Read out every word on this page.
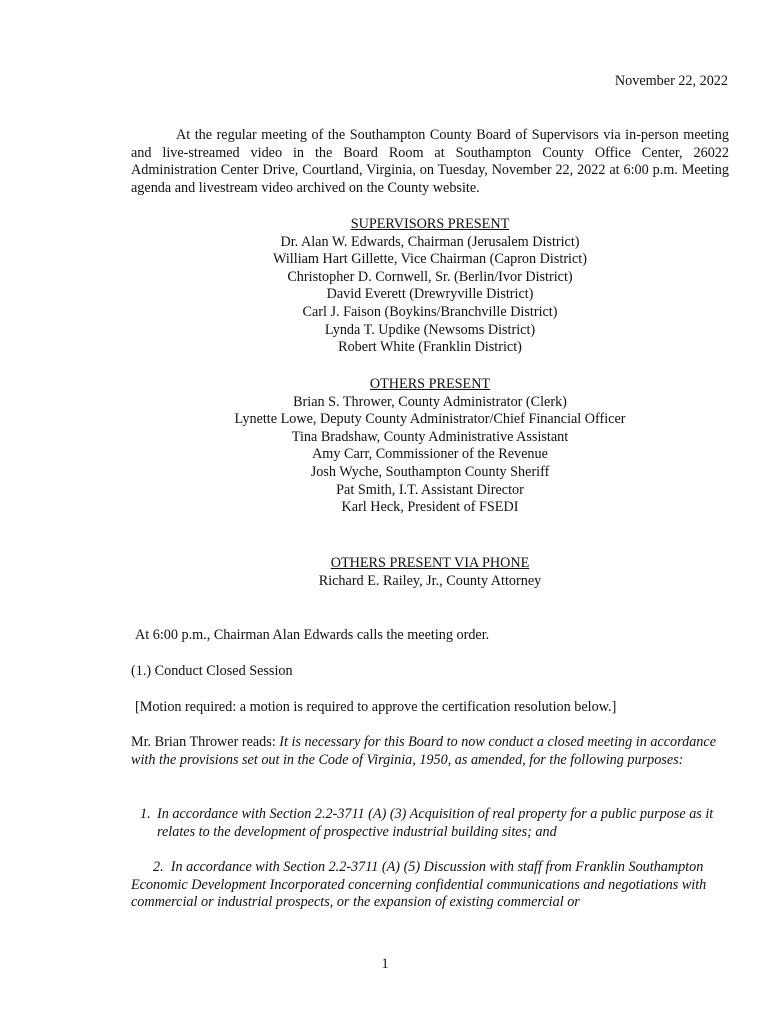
November 22, 2022

At the regular meeting of the Southampton County Board of Supervisors via in-person meeting and live-streamed video in the Board Room at Southampton County Office Center, 26022 Administration Center Drive, Courtland, Virginia, on Tuesday, November 22, 2022 at 6:00 p.m. Meeting agenda and livestream video archived on the County website.

SUPERVISORS PRESENT
Dr. Alan W. Edwards, Chairman (Jerusalem District)
William Hart Gillette, Vice Chairman (Capron District)
Christopher D. Cornwell, Sr. (Berlin/Ivor District)
David Everett (Drewryville District)
Carl J. Faison (Boykins/Branchville District)
Lynda T. Updike (Newsoms District)
Robert White (Franklin District)
OTHERS PRESENT
Brian S. Thrower, County Administrator (Clerk)
Lynette Lowe, Deputy County Administrator/Chief Financial Officer
Tina Bradshaw, County Administrative Assistant
Amy Carr, Commissioner of the Revenue
Josh Wyche, Southampton County Sheriff
Pat Smith, I.T. Assistant Director
Karl Heck, President of FSEDI
OTHERS PRESENT VIA PHONE
Richard E. Railey, Jr., County Attorney

At 6:00 p.m., Chairman Alan Edwards calls the meeting order.

(1.) Conduct Closed Session

[Motion required: a motion is required to approve the certification resolution below.]

Mr. Brian Thrower reads: It is necessary for this Board to now conduct a closed meeting in accordance with the provisions set out in the Code of Virginia, 1950, as amended, for the following purposes:

1. In accordance with Section 2.2-3711 (A) (3) Acquisition of real property for a public purpose as it relates to the development of prospective industrial building sites; and

2. In accordance with Section 2.2-3711 (A) (5) Discussion with staff from Franklin Southampton Economic Development Incorporated concerning confidential communications and negotiations with commercial or industrial prospects, or the expansion of existing commercial or

1
